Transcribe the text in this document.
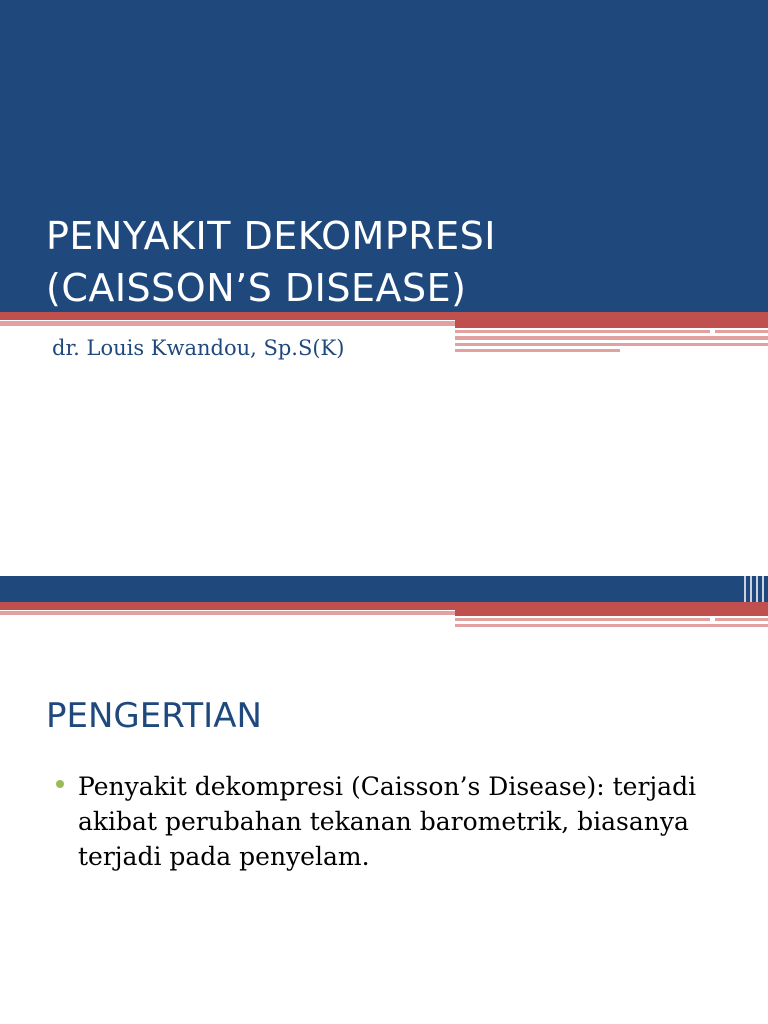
PENYAKIT DEKOMPRESI
(CAISSON’S DISEASE)
dr. Louis Kwandou, Sp.S(K)
PENGERTIAN
Penyakit dekompresi (Caisson’s Disease): terjadi akibat perubahan tekanan barometrik, biasanya terjadi pada penyelam.
